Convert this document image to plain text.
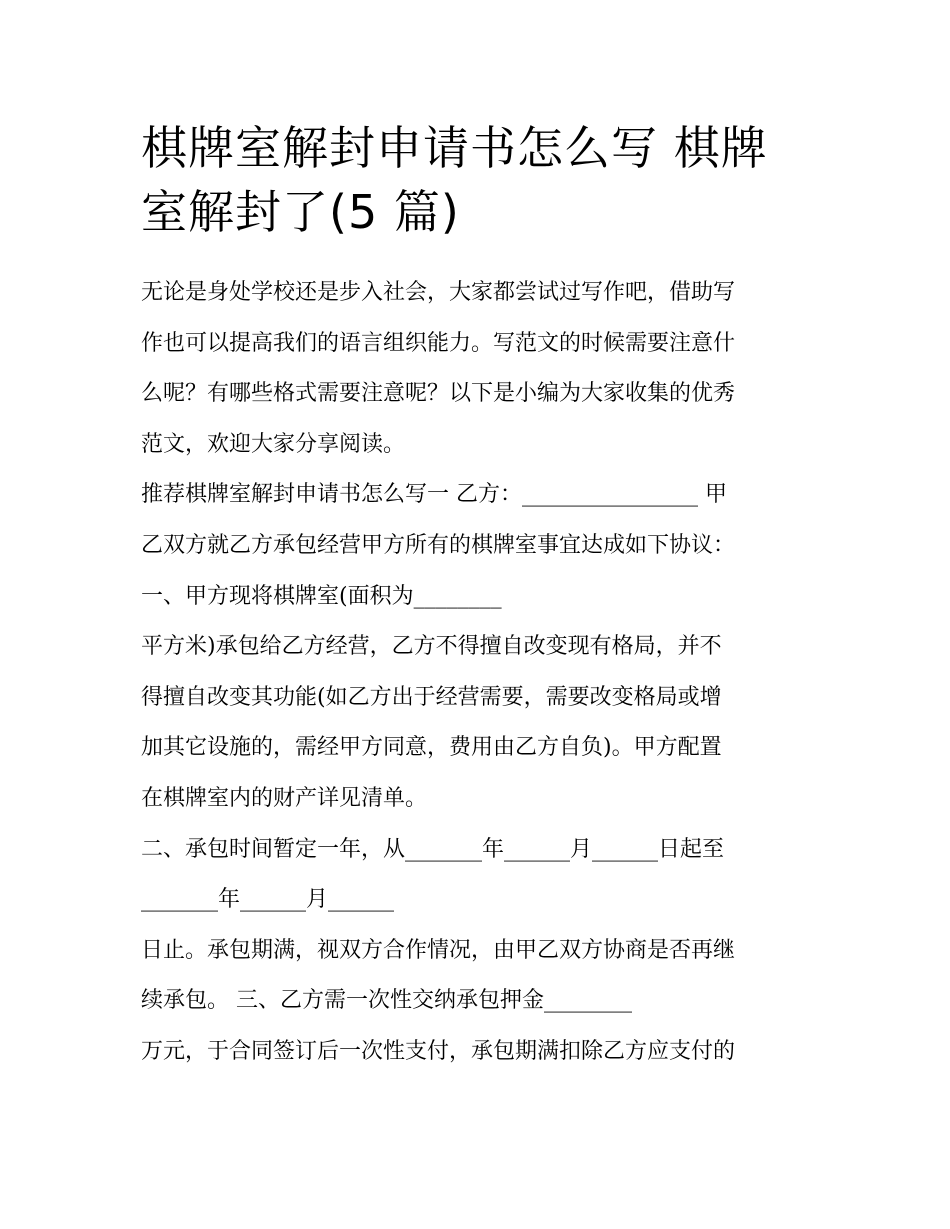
棋牌室解封申请书怎么写 棋牌
室解封了(5 篇)

无论是身处学校还是步入社会，大家都尝试过写作吧，借助写

作也可以提高我们的语言组织能力。写范文的时候需要注意什

么呢？有哪些格式需要注意呢？以下是小编为大家收集的优秀

范文，欢迎大家分享阅读。

推荐棋牌室解封申请书怎么写一 乙方：________________ 甲

乙双方就乙方承包经营甲方所有的棋牌室事宜达成如下协议：

一、甲方现将棋牌室(面积为________

平方米)承包给乙方经营，乙方不得擅自改变现有格局，并不

得擅自改变其功能(如乙方出于经营需要，需要改变格局或增

加其它设施的，需经甲方同意，费用由乙方自负)。甲方配置

在棋牌室内的财产详见清单。

二、承包时间暂定一年，从_______年______月______日起至

_______年______月______

日止。承包期满，视双方合作情况，由甲乙双方协商是否再继

续承包。 三、乙方需一次性交纳承包押金________

万元，于合同签订后一次性支付，承包期满扣除乙方应支付的
